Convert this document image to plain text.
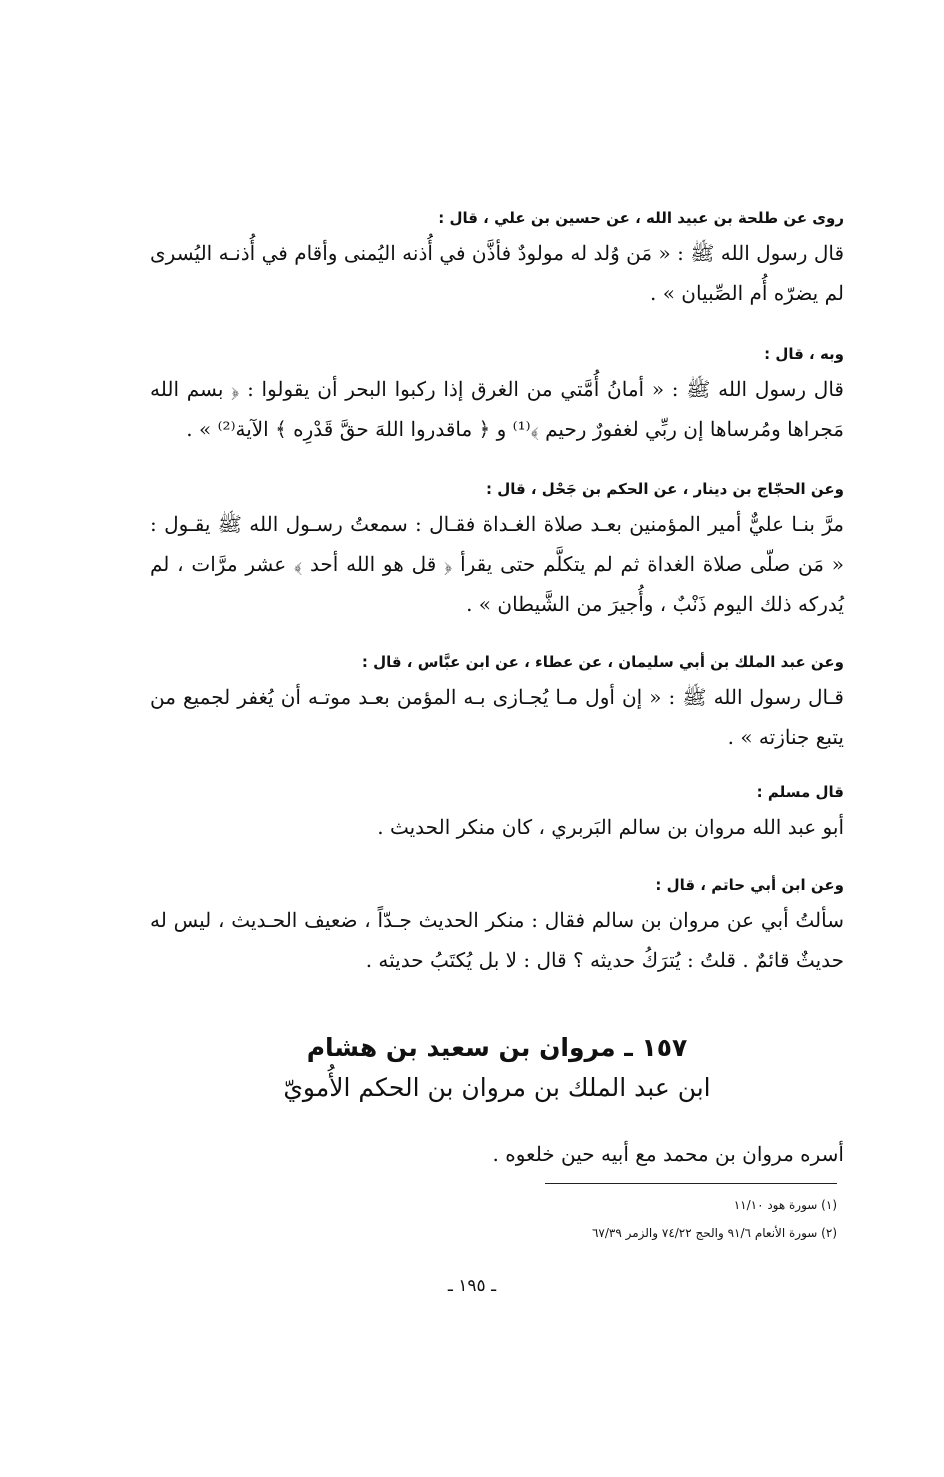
روى عن طلحة بن عبيد الله ، عن حسين بن علي ، قال :

قال رسول الله ﷺ : « مَن وُلد له مولودٌ فأذَّن في أُذنه اليُمنى وأقام في أُذنـه اليُسرى لم يضرّه أُم الصِّبيان » .

وبه ، قال :

قال رسول الله ﷺ : « أمانُ أُمَّتي من الغرق إذا ركبوا البحر أن يقولوا : ﴿ بسم الله مَجراها ومُرساها إن ربِّي لغفورٌ رحيم ﴾⁽¹⁾ و ﴿ ماقدروا اللهَ حقَّ قَدْرِه ﴾ الآية⁽²⁾ » .

وعن الحجّاج بن دينار ، عن الحكم بن جَحْل ، قال :

مرَّ بنـا عليٌّ أمير المؤمنين بعـد صلاة الغـداة فقـال : سمعتُ رسـول الله ﷺ يقـول : « مَن صلّى صلاة الغداة ثم لم يتكلَّم حتى يقرأ ﴿ قل هو الله أحد ﴾ عشر مرَّات ، لم يُدركه ذلك اليوم ذَنْبٌ ، وأُجيرَ من الشَّيطان » .

وعن عبد الملك بن أبي سليمان ، عن عطاء ، عن ابن عبَّاس ، قال :

قـال رسول الله ﷺ : « إن أول مـا يُجـازى بـه المؤمن بعـد موتـه أن يُغفر لجميع من يتبع جنازته » .

قال مسلم :

أبو عبد الله مروان بن سالم البَربري ، كان منكر الحديث .

وعن ابن أبي حاتم ، قال :

سألتُ أبي عن مروان بن سالم فقال : منكر الحديث جـدّاً ، ضعيف الحـديث ، ليس له حديثٌ قائمٌ . قلتُ : يُترَكُ حديثه ؟ قال : لا بل يُكتَبُ حديثه .

١٥٧ ـ مروان بن سعيد بن هشام
ابن عبد الملك بن مروان بن الحكم الأُمويّ

أسره مروان بن محمد مع أبيه حين خلعوه .

(١) سورة هود ١١/١٠
(٢) سورة الأنعام ٩١/٦ والحج ٧٤/٢٢ والزمر ٦٧/٣٩
ـ ١٩٥ ـ
